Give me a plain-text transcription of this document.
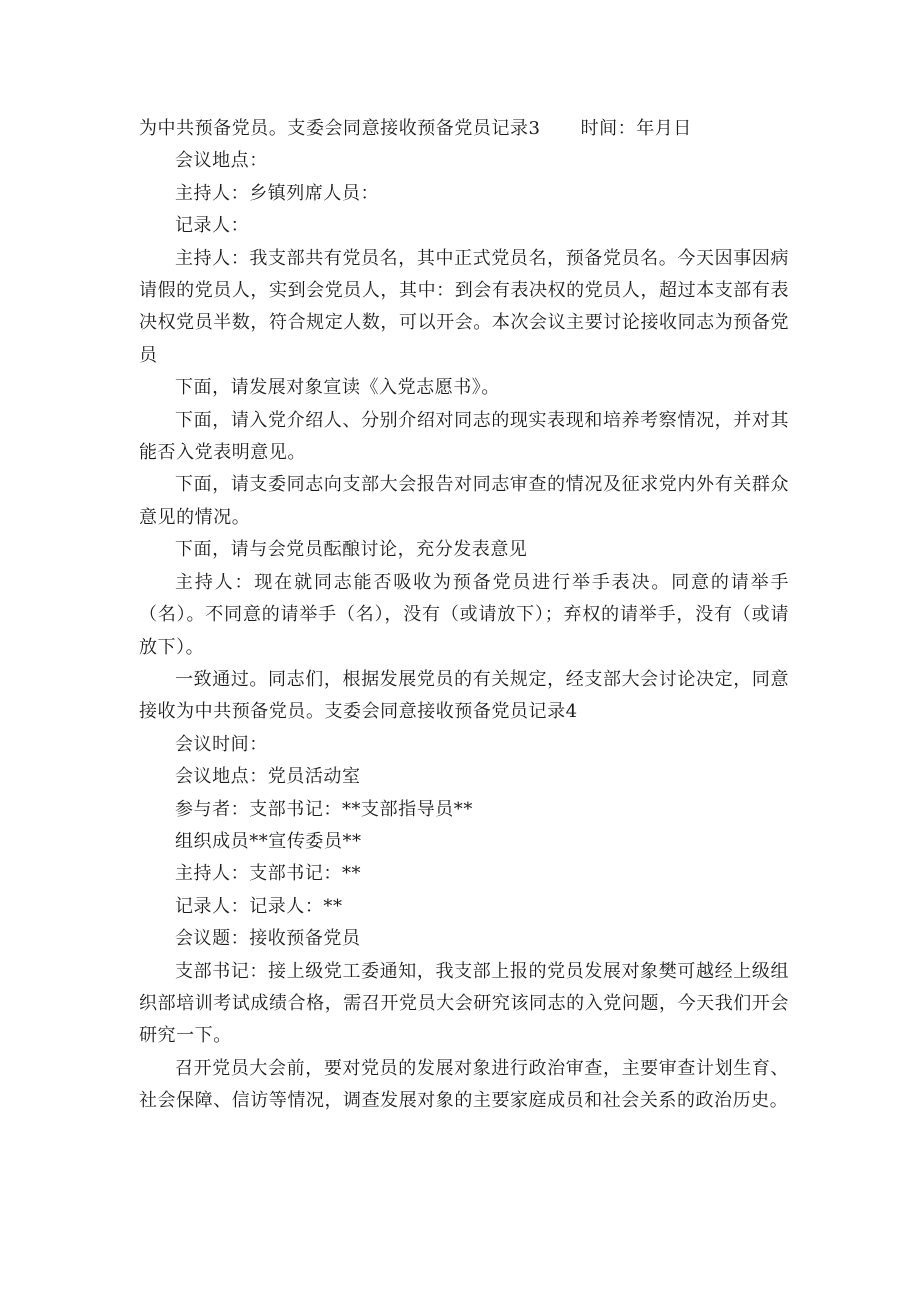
为中共预备党员。支委会同意接收预备党员记录3 时间：年月日

会议地点：

主持人：乡镇列席人员：

记录人：

主持人：我支部共有党员名，其中正式党员名，预备党员名。今天因事因病请假的党员人，实到会党员人，其中：到会有表决权的党员人，超过本支部有表决权党员半数，符合规定人数，可以开会。本次会议主要讨论接收同志为预备党员

下面，请发展对象宣读《入党志愿书》。

下面，请入党介绍人、分别介绍对同志的现实表现和培养考察情况，并对其能否入党表明意见。

下面，请支委同志向支部大会报告对同志审查的情况及征求党内外有关群众意见的情况。

下面，请与会党员酝酿讨论，充分发表意见

主持人：现在就同志能否吸收为预备党员进行举手表决。同意的请举手（名）。不同意的请举手（名），没有（或请放下）；弃权的请举手，没有（或请放下）。

一致通过。同志们，根据发展党员的有关规定，经支部大会讨论决定，同意接收为中共预备党员。支委会同意接收预备党员记录4

会议时间：

会议地点：党员活动室

参与者：支部书记：**支部指导员**

组织成员**宣传委员**

主持人：支部书记：**

记录人：记录人：**

会议题：接收预备党员

支部书记：接上级党工委通知，我支部上报的党员发展对象樊可越经上级组织部培训考试成绩合格，需召开党员大会研究该同志的入党问题，今天我们开会研究一下。

召开党员大会前，要对党员的发展对象进行政治审查，主要审查计划生育、社会保障、信访等情况，调查发展对象的主要家庭成员和社会关系的政治历史。
